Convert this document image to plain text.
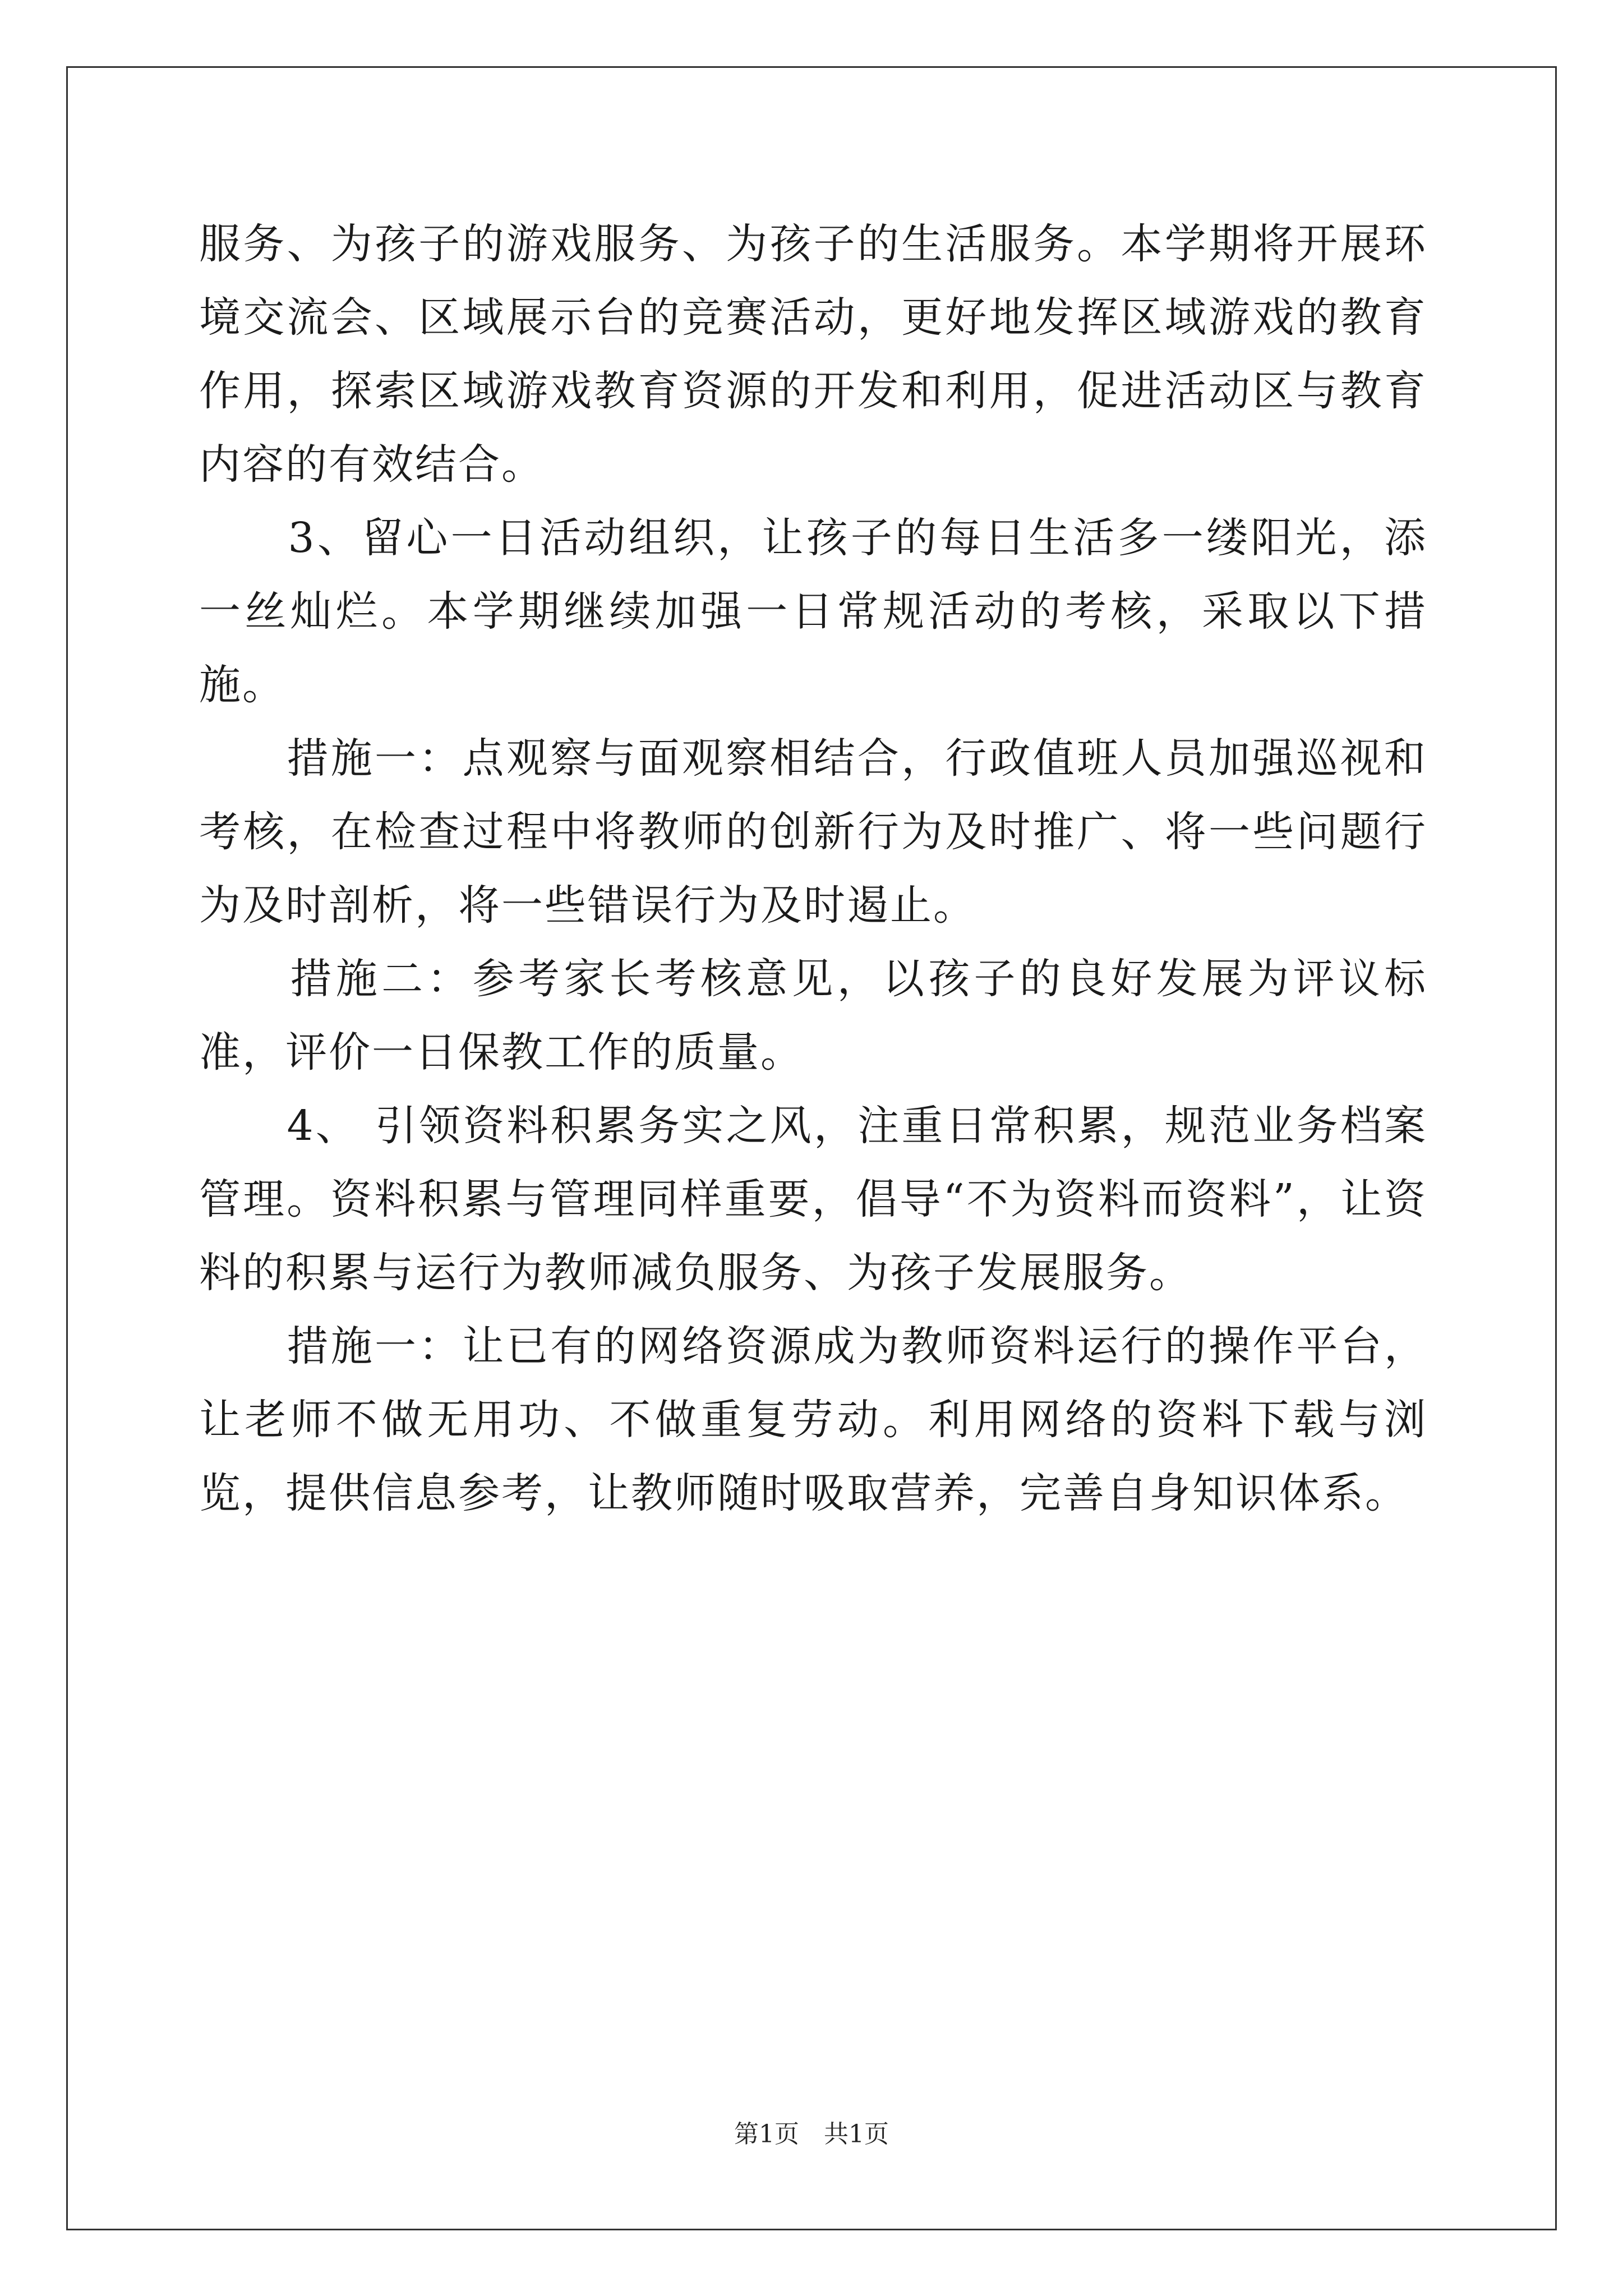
服务、为孩子的游戏服务、为孩子的生活服务。本学期将开展环境交流会、区域展示台的竞赛活动，更好地发挥区域游戏的教育作用，探索区域游戏教育资源的开发和利用，促进活动区与教育内容的有效结合。

　　3、留心一日活动组织，让孩子的每日生活多一缕阳光，添一丝灿烂。本学期继续加强一日常规活动的考核，采取以下措施。

　　措施一：点观察与面观察相结合，行政值班人员加强巡视和考核，在检查过程中将教师的创新行为及时推广、将一些问题行为及时剖析，将一些错误行为及时遏止。

　　措施二：参考家长考核意见，以孩子的良好发展为评议标准，评价一日保教工作的质量。

　　4、 引领资料积累务实之风，注重日常积累，规范业务档案管理。资料积累与管理同样重要，倡导“不为资料而资料”，让资料的积累与运行为教师减负服务、为孩子发展服务。

　　措施一：让已有的网络资源成为教师资料运行的操作平台，让老师不做无用功、不做重复劳动。利用网络的资料下载与浏览，提供信息参考，让教师随时吸取营养，完善自身知识体系。

第1页　共1页
